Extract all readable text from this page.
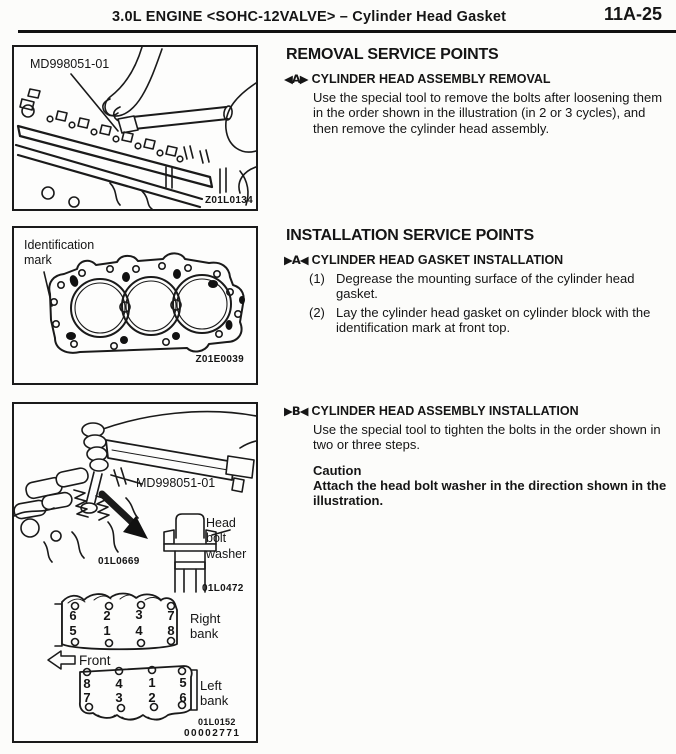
3.0L ENGINE <SOHC-12VALVE> – Cylinder Head Gasket	11A-25
MD998051-01
Z01L0134
Identification
mark
Z01E0039
MD998051-01
Head
bolt
washer
01L0669
01L0472
6 2 3 7
5 1 4 8
Right
bank
Front
8 4 1 5
7 3 2 6
Left
bank
01L0152
00002771
REMOVAL SERVICE POINTS
◀A▶ CYLINDER HEAD ASSEMBLY REMOVAL

Use the special tool to remove the bolts after loosening them in the order shown in the illustration (in 2 or 3 cycles), and then remove the cylinder head assembly.

INSTALLATION SERVICE POINTS
▶A◀ CYLINDER HEAD GASKET INSTALLATION
(1) Degrease the mounting surface of the cylinder head gasket.
(2) Lay the cylinder head gasket on cylinder block with the identification mark at front top.
▶B◀ CYLINDER HEAD ASSEMBLY INSTALLATION

Use the special tool to tighten the bolts in the order shown in two or three steps.

Caution
Attach the head bolt washer in the direction shown in the illustration.
